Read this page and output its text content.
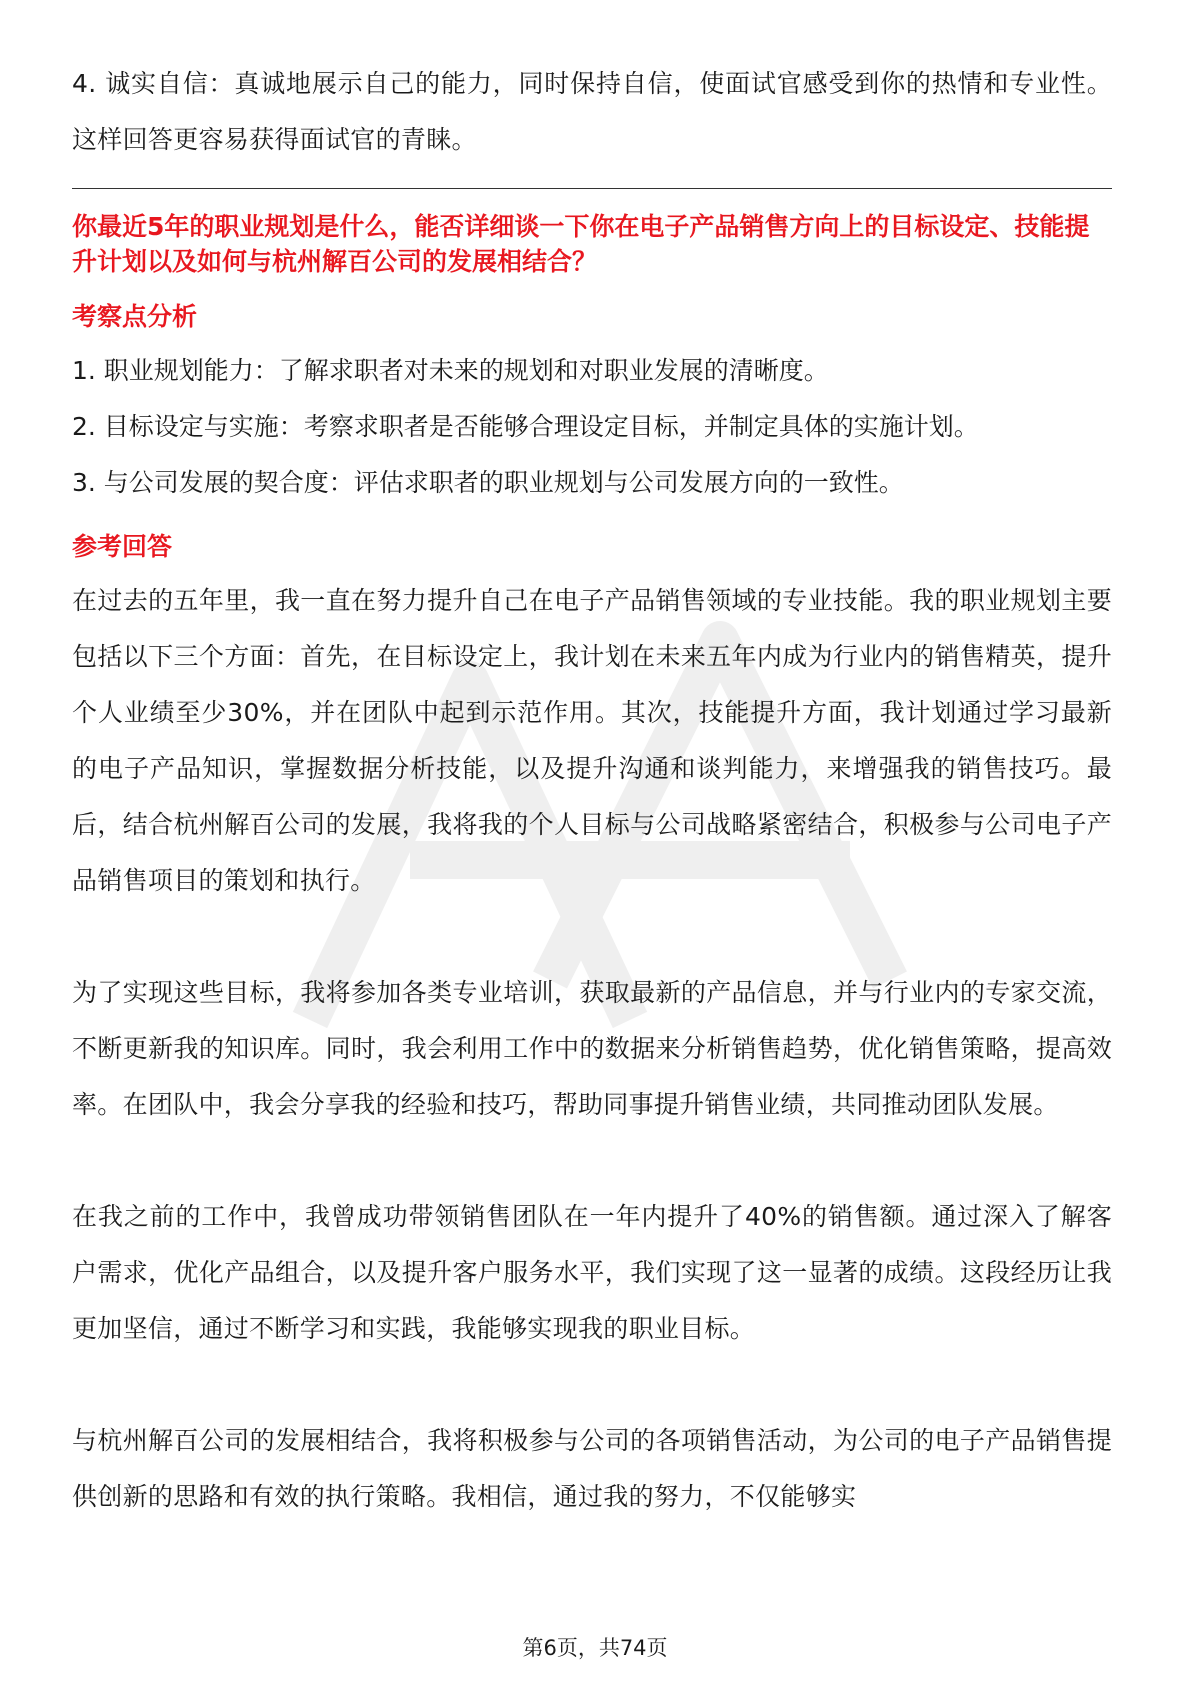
4. 诚实自信：真诚地展示自己的能力，同时保持自信，使面试官感受到你的热情和专业性。这样回答更容易获得面试官的青睐。

你最近5年的职业规划是什么，能否详细谈一下你在电子产品销售方向上的目标设定、技能提升计划以及如何与杭州解百公司的发展相结合？

考察点分析

1. 职业规划能力：了解求职者对未来的规划和对职业发展的清晰度。

2. 目标设定与实施：考察求职者是否能够合理设定目标，并制定具体的实施计划。

3. 与公司发展的契合度：评估求职者的职业规划与公司发展方向的一致性。

参考回答

在过去的五年里，我一直在努力提升自己在电子产品销售领域的专业技能。我的职业规划主要包括以下三个方面：首先，在目标设定上，我计划在未来五年内成为行业内的销售精英，提升个人业绩至少30%，并在团队中起到示范作用。其次，技能提升方面，我计划通过学习最新的电子产品知识，掌握数据分析技能，以及提升沟通和谈判能力，来增强我的销售技巧。最后，结合杭州解百公司的发展，我将我的个人目标与公司战略紧密结合，积极参与公司电子产品销售项目的策划和执行。

为了实现这些目标，我将参加各类专业培训，获取最新的产品信息，并与行业内的专家交流，不断更新我的知识库。同时，我会利用工作中的数据来分析销售趋势，优化销售策略，提高效率。在团队中，我会分享我的经验和技巧，帮助同事提升销售业绩，共同推动团队发展。

在我之前的工作中，我曾成功带领销售团队在一年内提升了40%的销售额。通过深入了解客户需求，优化产品组合，以及提升客户服务水平，我们实现了这一显著的成绩。这段经历让我更加坚信，通过不断学习和实践，我能够实现我的职业目标。

与杭州解百公司的发展相结合，我将积极参与公司的各项销售活动，为公司的电子产品销售提供创新的思路和有效的执行策略。我相信，通过我的努力，不仅能够实

第6页，共74页
